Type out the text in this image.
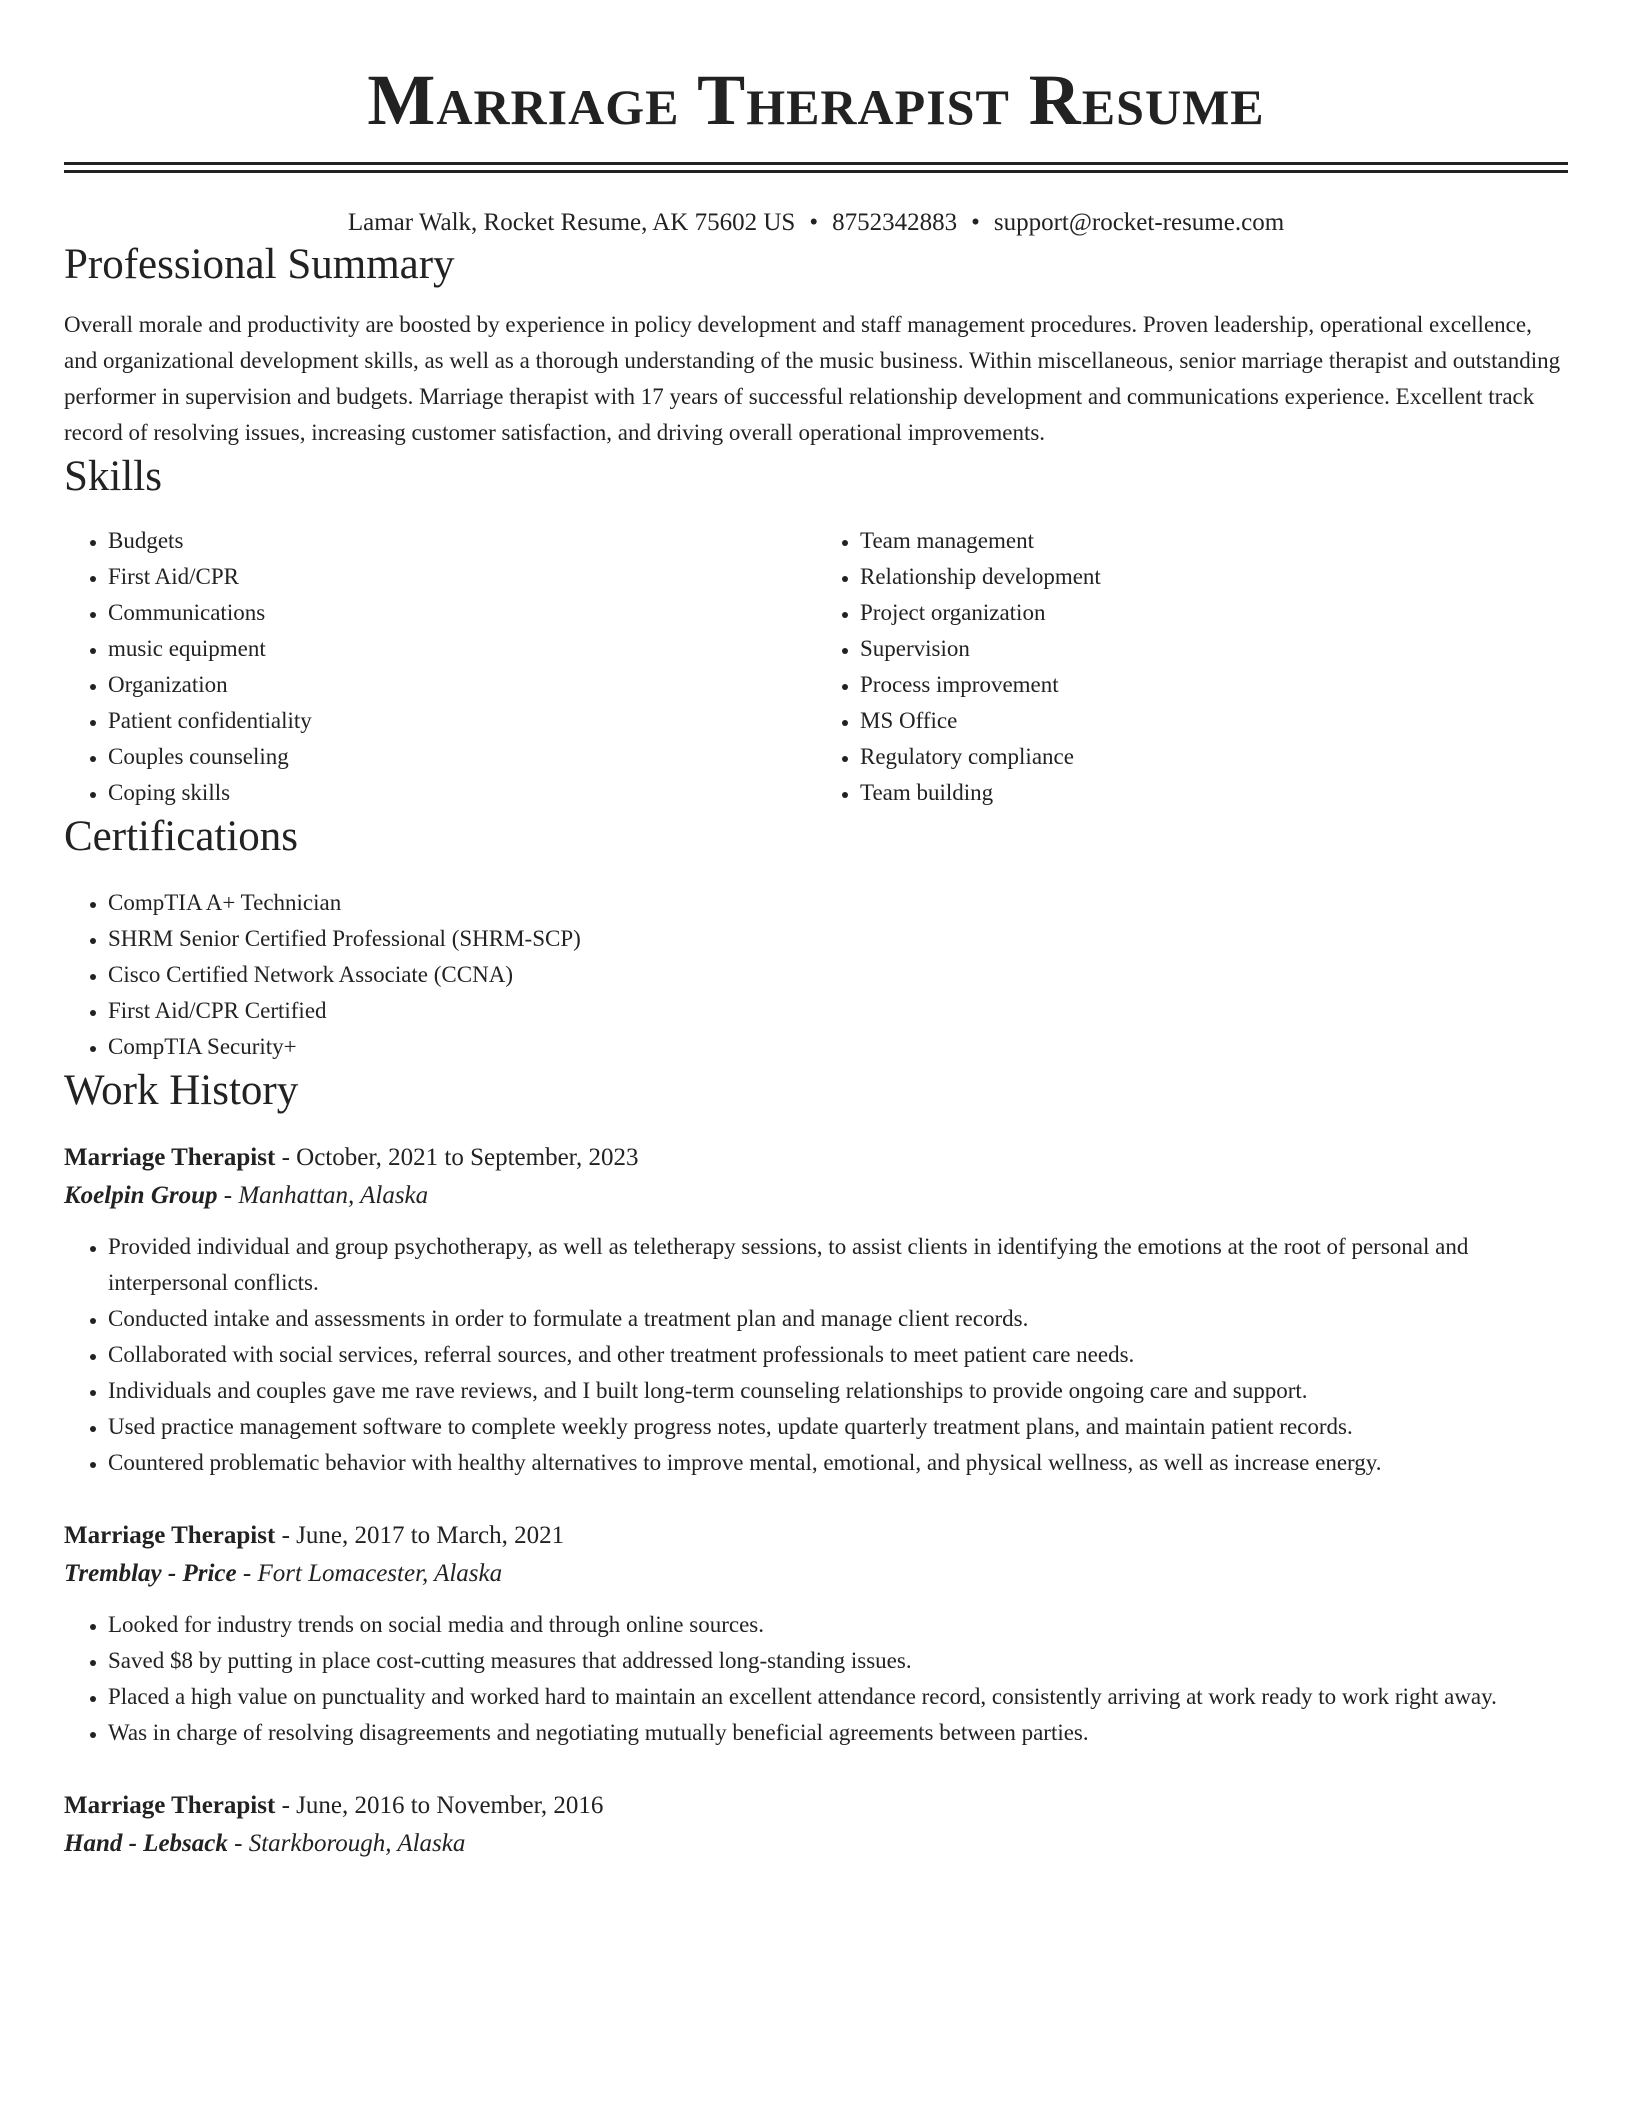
Marriage Therapist Resume
Lamar Walk, Rocket Resume, AK 75602 US • 8752342883 • support@rocket-resume.com
Professional Summary

Overall morale and productivity are boosted by experience in policy development and staff management procedures. Proven leadership, operational excellence, and organizational development skills, as well as a thorough understanding of the music business. Within miscellaneous, senior marriage therapist and outstanding performer in supervision and budgets. Marriage therapist with 17 years of successful relationship development and communications experience. Excellent track record of resolving issues, increasing customer satisfaction, and driving overall operational improvements.

Skills
• Budgets
• First Aid/CPR
• Communications
• music equipment
• Organization
• Patient confidentiality
• Couples counseling
• Coping skills
• Team management
• Relationship development
• Project organization
• Supervision
• Process improvement
• MS Office
• Regulatory compliance
• Team building
Certifications
• CompTIA A+ Technician
• SHRM Senior Certified Professional (SHRM-SCP)
• Cisco Certified Network Associate (CCNA)
• First Aid/CPR Certified
• CompTIA Security+
Work History
Marriage Therapist - October, 2021 to September, 2023
Koelpin Group - Manhattan, Alaska
• Provided individual and group psychotherapy, as well as teletherapy sessions, to assist clients in identifying the emotions at the root of personal and interpersonal conflicts.
• Conducted intake and assessments in order to formulate a treatment plan and manage client records.
• Collaborated with social services, referral sources, and other treatment professionals to meet patient care needs.
• Individuals and couples gave me rave reviews, and I built long-term counseling relationships to provide ongoing care and support.
• Used practice management software to complete weekly progress notes, update quarterly treatment plans, and maintain patient records.
• Countered problematic behavior with healthy alternatives to improve mental, emotional, and physical wellness, as well as increase energy.
Marriage Therapist - June, 2017 to March, 2021
Tremblay - Price - Fort Lomacester, Alaska
• Looked for industry trends on social media and through online sources.
• Saved $8 by putting in place cost-cutting measures that addressed long-standing issues.
• Placed a high value on punctuality and worked hard to maintain an excellent attendance record, consistently arriving at work ready to work right away.
• Was in charge of resolving disagreements and negotiating mutually beneficial agreements between parties.
Marriage Therapist - June, 2016 to November, 2016
Hand - Lebsack - Starkborough, Alaska
